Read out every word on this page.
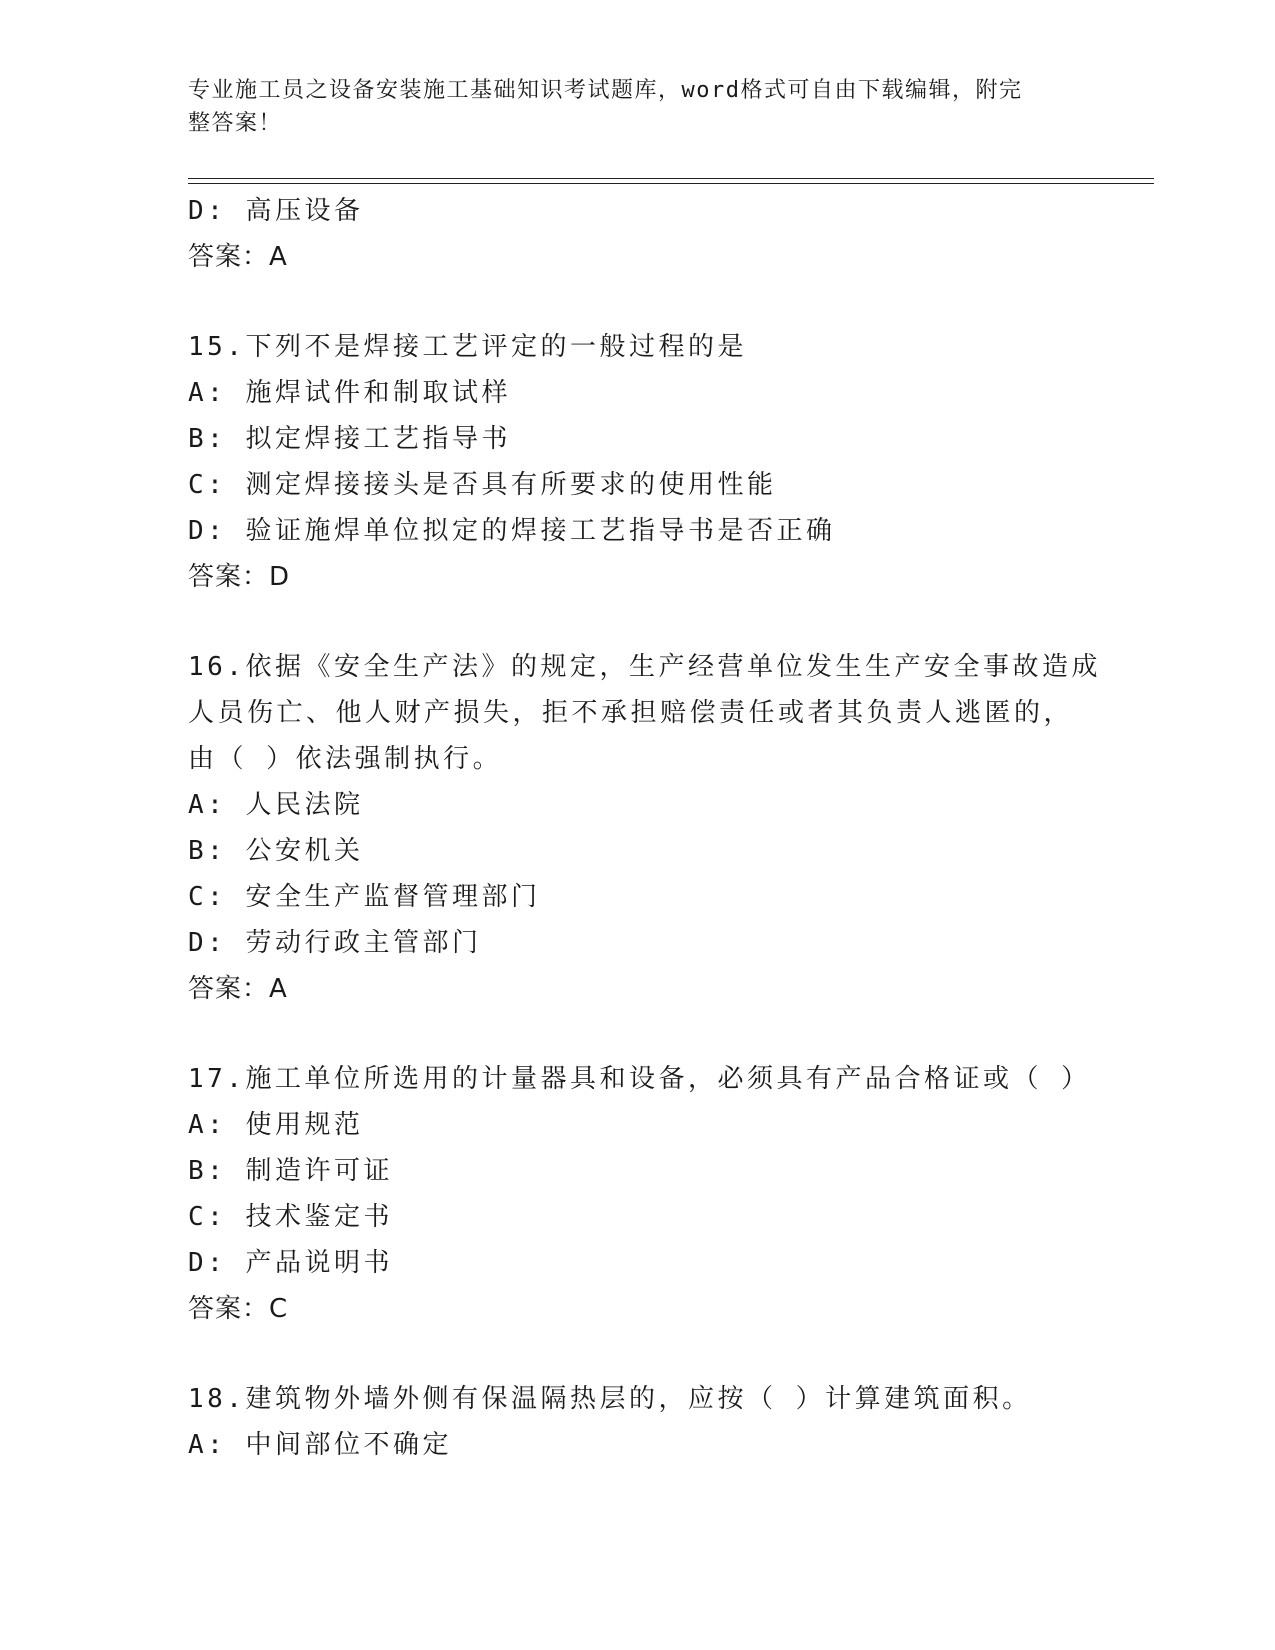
专业施工员之设备安装施工基础知识考试题库，word格式可自由下载编辑，附完
整答案！
D: 高压设备
答案：A
15.下列不是焊接工艺评定的一般过程的是
A: 施焊试件和制取试样
B: 拟定焊接工艺指导书
C: 测定焊接接头是否具有所要求的使用性能
D: 验证施焊单位拟定的焊接工艺指导书是否正确
答案：D
16.依据《安全生产法》的规定，生产经营单位发生生产安全事故造成
人员伤亡、他人财产损失，拒不承担赔偿责任或者其负责人逃匿的，
由（ ）依法强制执行。
A: 人民法院
B: 公安机关
C: 安全生产监督管理部门
D: 劳动行政主管部门
答案：A
17.施工单位所选用的计量器具和设备，必须具有产品合格证或（ ）
A: 使用规范
B: 制造许可证
C: 技术鉴定书
D: 产品说明书
答案：C
18.建筑物外墙外侧有保温隔热层的，应按（ ）计算建筑面积。
A: 中间部位不确定
